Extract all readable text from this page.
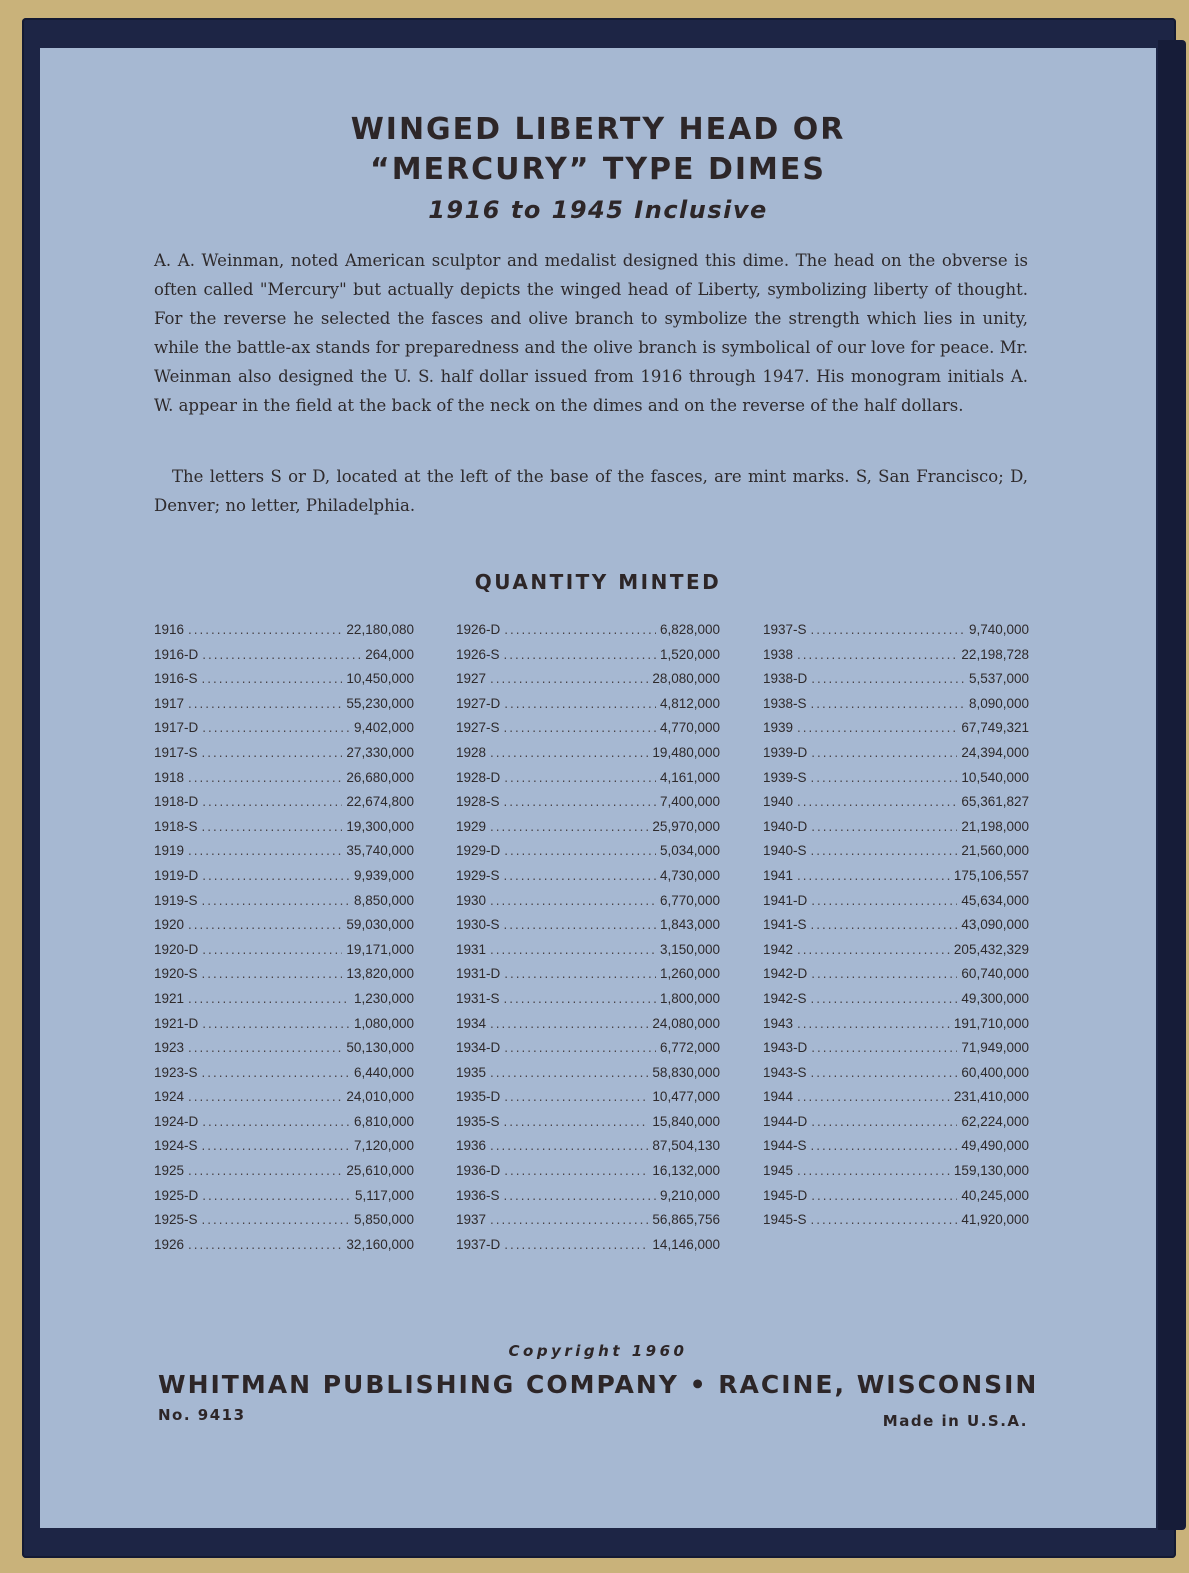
WINGED LIBERTY HEAD OR
“MERCURY” TYPE DIMES
1916 to 1945 Inclusive

A. A. Weinman, noted American sculptor and medalist designed this dime. The head on the obverse is often called "Mercury" but actually depicts the winged head of Liberty, symbolizing liberty of thought. For the reverse he selected the fasces and olive branch to symbolize the strength which lies in unity, while the battle-ax stands for preparedness and the olive branch is symbolical of our love for peace. Mr. Weinman also designed the U. S. half dollar issued from 1916 through 1947. His monogram initials A. W. appear in the field at the back of the neck on the dimes and on the reverse of the half dollars.

The letters S or D, located at the left of the base of the fasces, are mint marks. S, San Francisco; D, Denver; no letter, Philadelphia.

QUANTITY MINTED
1916 .....	22,180,080
1916-D .....	264,000
1916-S .....	10,450,000
1917 .....	55,230,000
1917-D .....	9,402,000
1917-S .....	27,330,000
1918 .....	26,680,000
1918-D .....	22,674,800
1918-S .....	19,300,000
1919 .....	35,740,000
1919-D .....	9,939,000
1919-S .....	8,850,000
1920 .....	59,030,000
1920-D .....	19,171,000
1920-S .....	13,820,000
1921 .....	1,230,000
1921-D .....	1,080,000
1923 .....	50,130,000
1923-S .....	6,440,000
1924 .....	24,010,000
1924-D .....	6,810,000
1924-S .....	7,120,000
1925 .....	25,610,000
1925-D .....	5,117,000
1925-S .....	5,850,000
1926 .....	32,160,000
1926-D .....	6,828,000
1926-S .....	1,520,000
1927 .....	28,080,000
1927-D .....	4,812,000
1927-S .....	4,770,000
1928 .....	19,480,000
1928-D .....	4,161,000
1928-S .....	7,400,000
1929 .....	25,970,000
1929-D .....	5,034,000
1929-S .....	4,730,000
1930 .....	6,770,000
1930-S .....	1,843,000
1931 .....	3,150,000
1931-D .....	1,260,000
1931-S .....	1,800,000
1934 .....	24,080,000
1934-D .....	6,772,000
1935 .....	58,830,000
1935-D .....	10,477,000
1935-S .....	15,840,000
1936 .....	87,504,130
1936-D .....	16,132,000
1936-S .....	9,210,000
1937 .....	56,865,756
1937-D .....	14,146,000
1937-S .....	9,740,000
1938 .....	22,198,728
1938-D .....	5,537,000
1938-S .....	8,090,000
1939 .....	67,749,321
1939-D .....	24,394,000
1939-S .....	10,540,000
1940 .....	65,361,827
1940-D .....	21,198,000
1940-S .....	21,560,000
1941 .....	175,106,557
1941-D .....	45,634,000
1941-S .....	43,090,000
1942 .....	205,432,329
1942-D .....	60,740,000
1942-S .....	49,300,000
1943 .....	191,710,000
1943-D .....	71,949,000
1943-S .....	60,400,000
1944 .....	231,410,000
1944-D .....	62,224,000
1944-S .....	49,490,000
1945 .....	159,130,000
1945-D .....	40,245,000
1945-S .....	41,920,000
Copyright 1960
WHITMAN PUBLISHING COMPANY • RACINE, WISCONSIN
No. 9413	Made in U.S.A.
